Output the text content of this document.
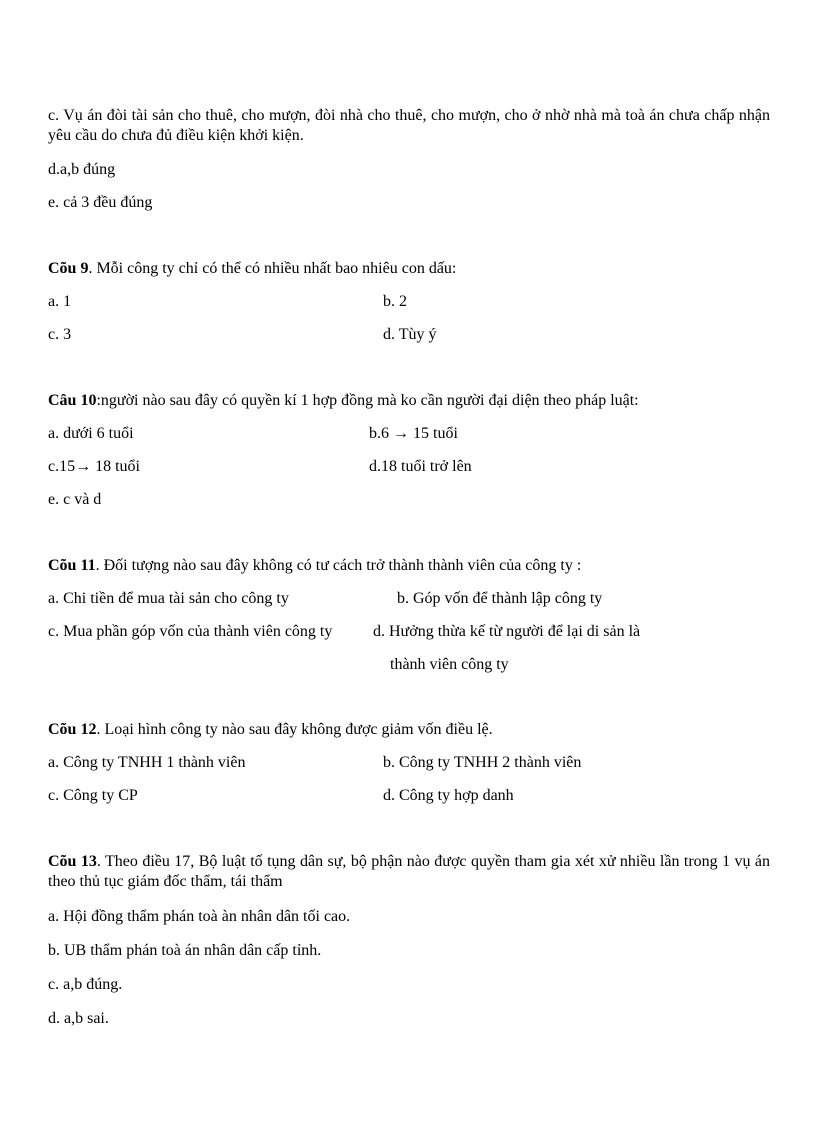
c. Vụ án đòi tài sản cho thuê, cho mượn, đòi nhà cho thuê, cho mượn, cho ở nhờ nhà mà toà án chưa chấp nhận yêu cầu do chưa đủ điều kiện khởi kiện.
d.a,b đúng
e. cả 3 đều đúng
Cõu 9. Mỗi công ty chỉ có thể có nhiều nhất bao nhiêu con dấu:
a. 1	b. 2
c. 3	d. Tùy ý
Câu 10:người nào sau đây có quyền kí 1 hợp đồng mà ko cần người đại diện theo pháp luật:
a. dưới 6 tuổi	b.6 → 15 tuổi
c.15→ 18 tuổi	d.18 tuổi trở lên
e. c và d
Cõu 11. Đối tượng nào sau đây không có tư cách trở thành thành viên của công ty :
a. Chi tiền để mua tài sản cho công ty	b. Góp vốn để thành lập công ty
c. Mua phần góp vốn của thành viên công ty	d. Hưởng thừa kế từ người để lại di sản là
thành viên công ty
Cõu 12. Loại hình công ty nào sau đây không được giảm vốn điều lệ.
a. Công ty TNHH 1 thành viên	b. Công ty TNHH 2 thành viên
c. Công ty CP	d. Công ty hợp danh
Cõu 13. Theo điều 17, Bộ luật tố tụng dân sự, bộ phận nào được quyền tham gia xét xử nhiều lần trong 1 vụ án theo thủ tục giám đốc thẩm, tái thẩm
a. Hội đồng thẩm phán toà àn nhân dân tối cao.
b. UB thẩm phán toà án nhân dân cấp tỉnh.
c. a,b đúng.
d. a,b sai.
